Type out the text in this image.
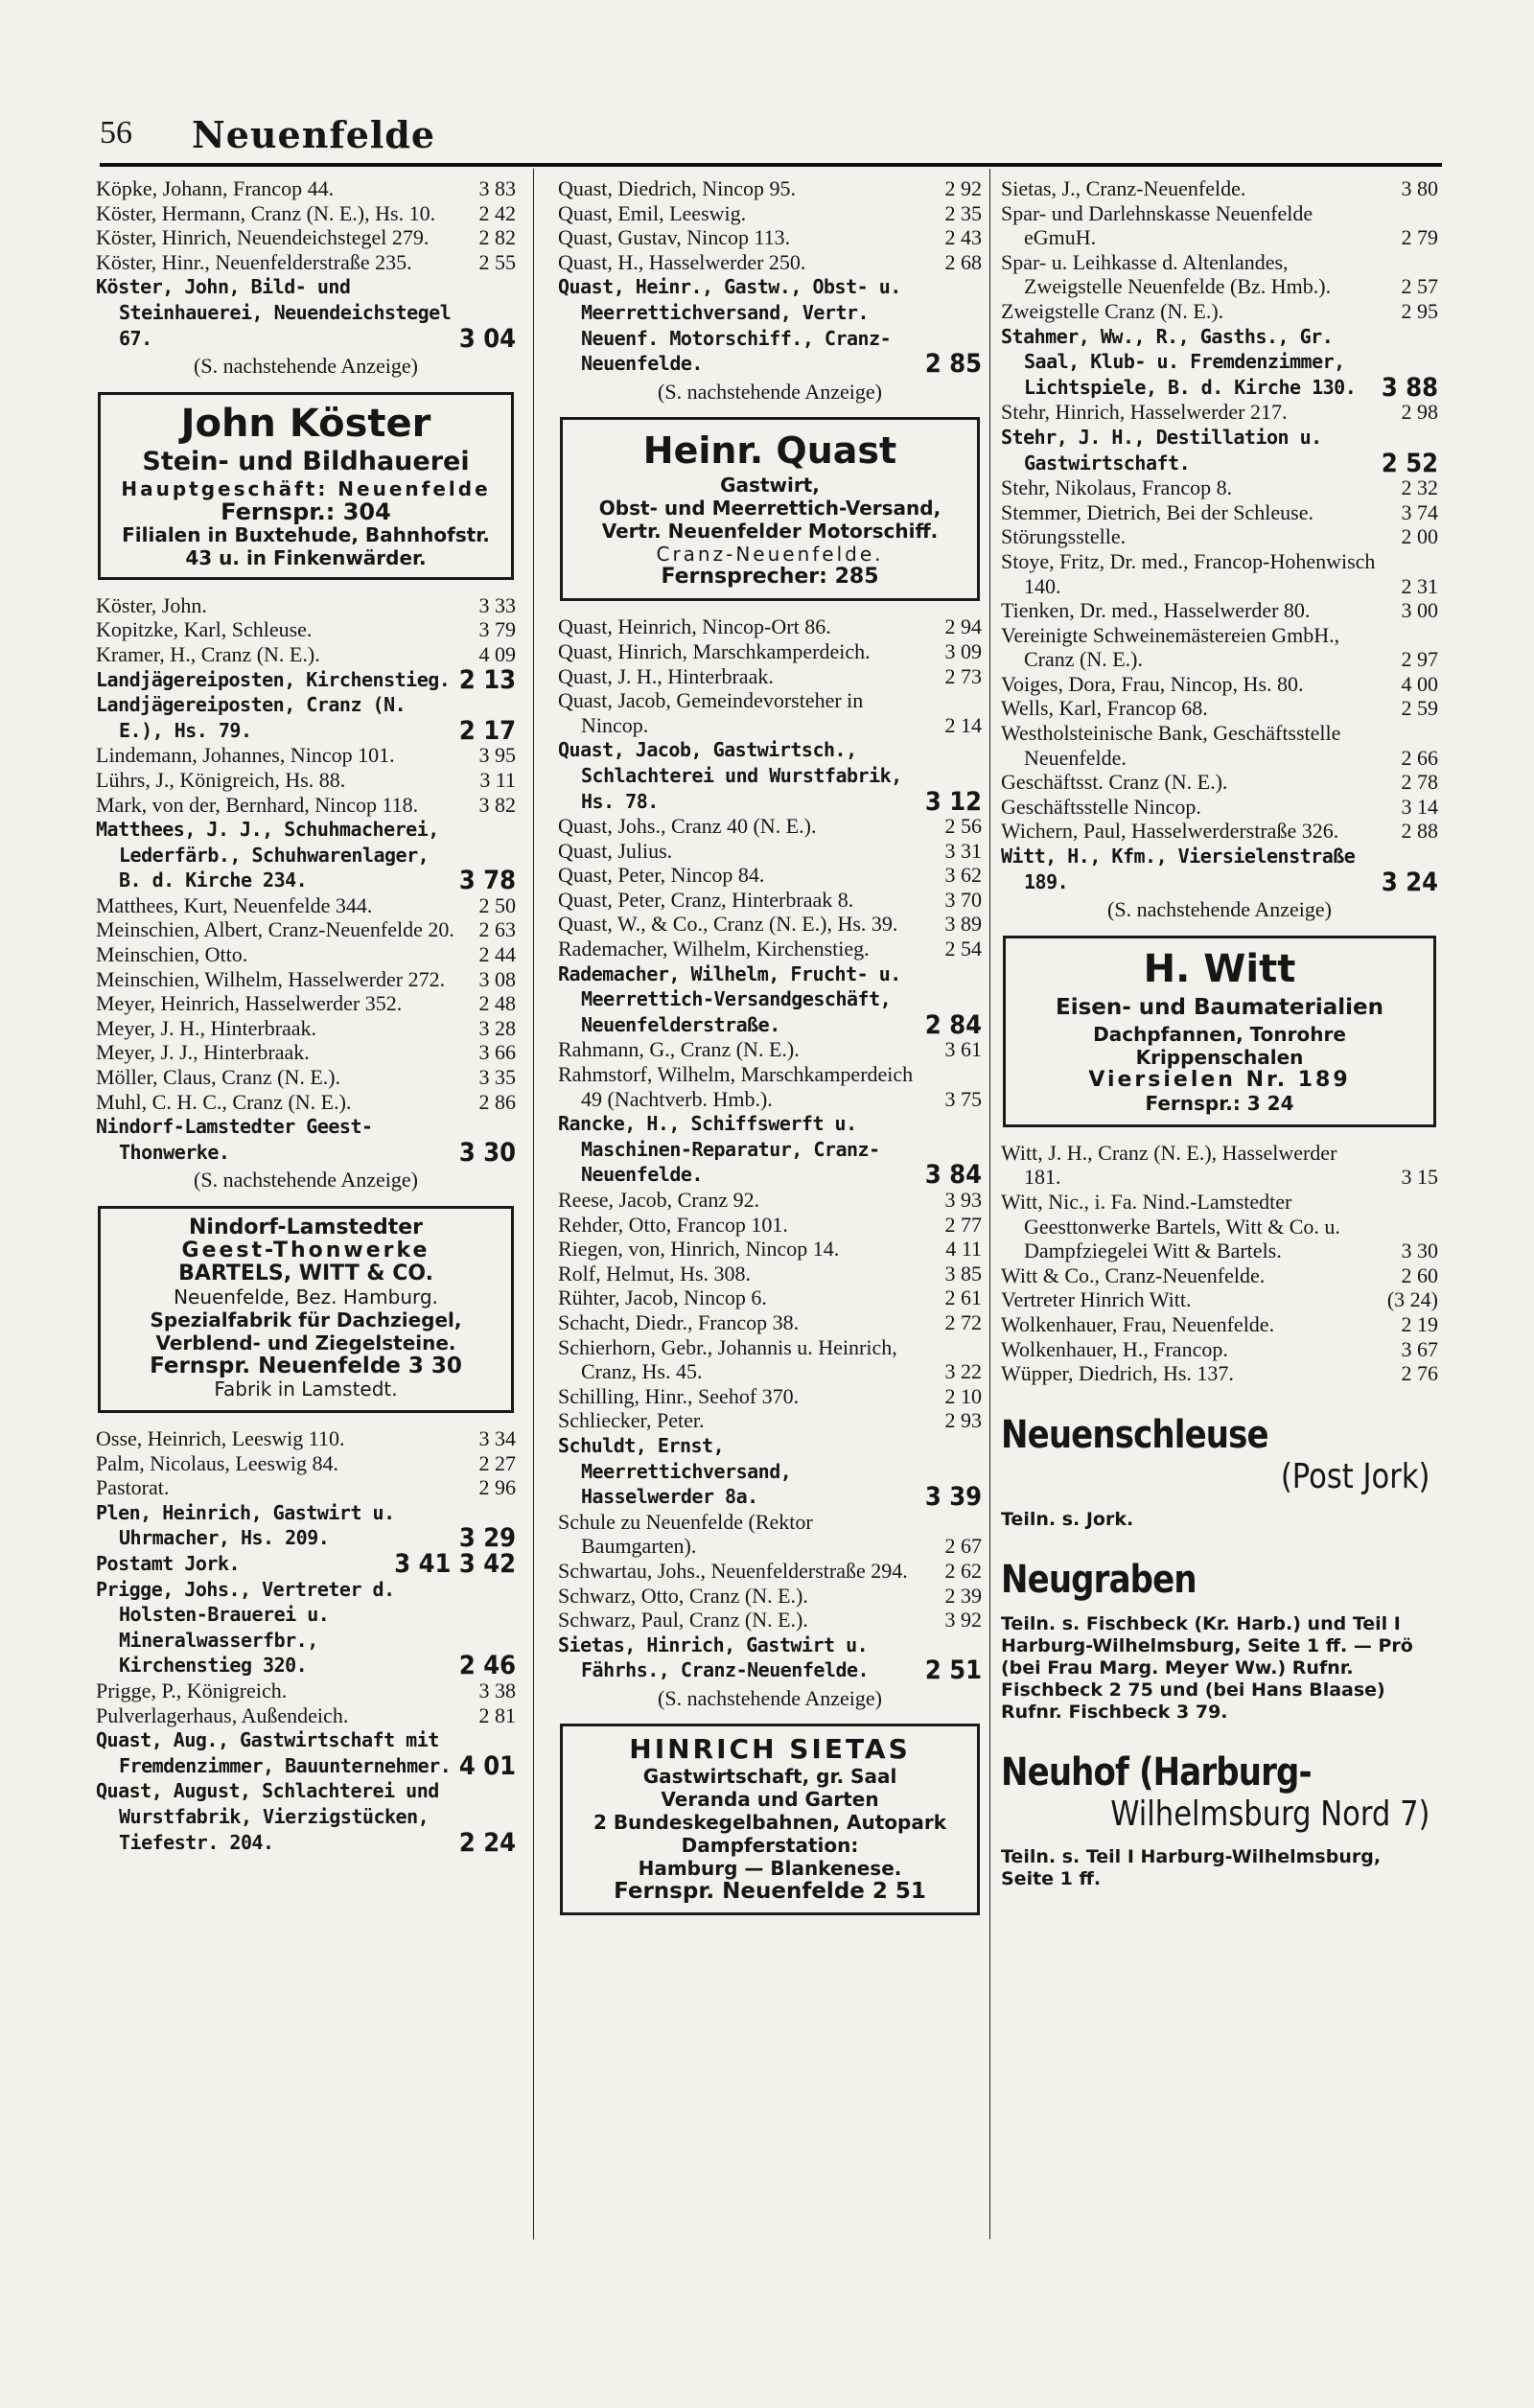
56 Neuenfelde
Köpke, Johann, Francop 44.	3 83
Köster, Hermann, Cranz (N. E.), Hs. 10. 2 42
Köster, Hinrich, Neuendeichstegel 279. 2 82
Köster, Hinr., Neuenfelderstraße 235.	2 55
Köster, John, Bild- und Steinhauerei, Neuendeichstegel 67.	3 04
(S. nachstehende Anzeige)
John Köster
Stein- und Bildhauerei
Hauptgeschäft: Neuenfelde
Fernspr.: 304
Filialen in Buxtehude, Bahnhofstr. 43 u. in Finkenwärder.
Köster, John.	3 33
Kopitzke, Karl, Schleuse.	3 79
Kramer, H., Cranz (N. E.).	4 09
Landjägereiposten, Kirchenstieg. 2 13
Landjägereiposten, Cranz (N. E.), Hs. 79.	2 17
Lindemann, Johannes, Nincop 101.	3 95
Lührs, J., Königreich, Hs. 88.	3 11
Mark, von der, Bernhard, Nincop 118.	3 82
Matthees, J. J., Schuhmacherei, Lederfärb., Schuhwarenlager, B. d. Kirche 234.	3 78
Matthees, Kurt, Neuenfelde 344.	2 50
Meinschien, Albert, Cranz-Neuenfelde 20. 2 63
Meinschien, Otto.	2 44
Meinschien, Wilhelm, Hasselwerder 272. 3 08
Meyer, Heinrich, Hasselwerder 352.	2 48
Meyer, J. H., Hinterbraak.	3 28
Meyer, J. J., Hinterbraak.	3 66
Möller, Claus, Cranz (N. E.).	3 35
Muhl, C. H. C., Cranz (N. E.).	2 86
Nindorf-Lamstedter Geest-Thonwerke.	3 30
(S. nachstehende Anzeige)
Nindorf-Lamstedter
Geest-Thonwerke
BARTELS, WITT & CO.
Neuenfelde, Bez. Hamburg.
Spezialfabrik für Dachziegel, Verblend- und Ziegelsteine.
Fernspr. Neuenfelde 3 30
Fabrik in Lamstedt.
Osse, Heinrich, Leeswig 110.	3 34
Palm, Nicolaus, Leeswig 84.	2 27
Pastorat.	2 96
Plen, Heinrich, Gastwirt u. Uhrmacher, Hs. 209.	3 29
Postamt Jork.	3 41 3 42
Prigge, Johs., Vertreter d. Holsten-Brauerei u. Mineralwasserfbr., Kirchenstieg 320.	2 46
Prigge, P., Königreich.	3 38
Pulverlagerhaus, Außendeich.	2 81
Quast, Aug., Gastwirtschaft mit Fremdenzimmer, Bauunternehmer. 4 01
Quast, August, Schlachterei und Wurstfabrik, Vierzigstücken, Tiefestr. 204.	2 24
Quast, Diedrich, Nincop 95.	2 92
Quast, Emil, Leeswig.	2 35
Quast, Gustav, Nincop 113.	2 43
Quast, H., Hasselwerder 250.	2 68
Quast, Heinr., Gastw., Obst- u. Meerrettichversand, Vertr. Neuenf. Motorschiff., Cranz-Neuenfelde.	2 85
(S. nachstehende Anzeige)
Heinr. Quast
Gastwirt,
Obst- und Meerrettich-Versand,
Vertr. Neuenfelder Motorschiff.
Cranz-Neuenfelde.
Fernsprecher: 285
Quast, Heinrich, Nincop-Ort 86.	2 94
Quast, Hinrich, Marschkamperdeich.	3 09
Quast, J. H., Hinterbraak.	2 73
Quast, Jacob, Gemeindevorsteher in Nincop.	2 14
Quast, Jacob, Gastwirtsch., Schlachterei und Wurstfabrik, Hs. 78.	3 12
Quast, Johs., Cranz 40 (N. E.).	2 56
Quast, Julius.	3 31
Quast, Peter, Nincop 84.	3 62
Quast, Peter, Cranz, Hinterbraak 8.	3 70
Quast, W., & Co., Cranz (N. E.), Hs. 39. 3 89
Rademacher, Wilhelm, Kirchenstieg.	2 54
Rademacher, Wilhelm, Frucht- u. Meerrettich-Versandgeschäft, Neuenfelderstraße.	2 84
Rahmann, G., Cranz (N. E.).	3 61
Rahmstorf, Wilhelm, Marschkamperdeich 49 (Nachtverb. Hmb.).	3 75
Rancke, H., Schiffswerft u. Maschinen-Reparatur, Cranz-Neuenfelde.	3 84
Reese, Jacob, Cranz 92.	3 93
Rehder, Otto, Francop 101.	2 77
Riegen, von, Hinrich, Nincop 14.	4 11
Rolf, Helmut, Hs. 308.	3 85
Rühter, Jacob, Nincop 6.	2 61
Schacht, Diedr., Francop 38.	2 72
Schierhorn, Gebr., Johannis u. Heinrich, Cranz, Hs. 45.	3 22
Schilling, Hinr., Seehof 370.	2 10
Schliecker, Peter.	2 93
Schuldt, Ernst, Meerrettichversand, Hasselwerder 8a.	3 39
Schule zu Neuenfelde (Rektor Baumgarten).	2 67
Schwartau, Johs., Neuenfelderstraße 294. 2 62
Schwarz, Otto, Cranz (N. E.).	2 39
Schwarz, Paul, Cranz (N. E.).	3 92
Sietas, Hinrich, Gastwirt u. Fährhs., Cranz-Neuenfelde. 2 51
(S. nachstehende Anzeige)
HINRICH SIETAS
Gastwirtschaft, gr. Saal
Veranda und Garten
2 Bundeskegelbahnen, Autopark
Dampferstation:
Hamburg — Blankenese.
Fernspr. Neuenfelde 2 51
Sietas, J., Cranz-Neuenfelde.	3 80
Spar- und Darlehnskasse Neuenfelde eGmuH.	2 79
Spar- u. Leihkasse d. Altenlandes, Zweigstelle Neuenfelde (Bz. Hmb.).	2 57
Zweigstelle Cranz (N. E.).	2 95
Stahmer, Ww., R., Gasths., Gr. Saal, Klub- u. Fremdenzimmer, Lichtspiele, B. d. Kirche 130. 3 88
Stehr, Hinrich, Hasselwerder 217.	2 98
Stehr, J. H., Destillation u. Gastwirtschaft.	2 52
Stehr, Nikolaus, Francop 8.	2 32
Stemmer, Dietrich, Bei der Schleuse.	3 74
Störungsstelle.	2 00
Stoye, Fritz, Dr. med., Francop-Hohenwisch 140.	2 31
Tienken, Dr. med., Hasselwerder 80.	3 00
Vereinigte Schweinemästereien GmbH., Cranz (N. E.).	2 97
Voiges, Dora, Frau, Nincop, Hs. 80.	4 00
Wells, Karl, Francop 68.	2 59
Westholsteinische Bank, Geschäftsstelle Neuenfelde.	2 66
Geschäftsst. Cranz (N. E.).	2 78
Geschäftsstelle Nincop.	3 14
Wichern, Paul, Hasselwerderstraße 326.	2 88
Witt, H., Kfm., Viersielenstraße 189.	3 24
(S. nachstehende Anzeige)
H. Witt
Eisen- und Baumaterialien
Dachpfannen, Tonrohre
Krippenschalen
Viersielen Nr. 189
Fernspr.: 3 24
Witt, J. H., Cranz (N. E.), Hasselwerder 181.	3 15
Witt, Nic., i. Fa. Nind.-Lamstedter Geesttonwerke Bartels, Witt & Co. u. Dampfziegelei Witt & Bartels.	3 30
Witt & Co., Cranz-Neuenfelde.	2 60
Vertreter Hinrich Witt.	(3 24)
Wolkenhauer, Frau, Neuenfelde.	2 19
Wolkenhauer, H., Francop.	3 67
Wüpper, Diedrich, Hs. 137.	2 76
Neuenschleuse
(Post Jork)
Teiln. s. Jork.
Neugraben
Teiln. s. Fischbeck (Kr. Harb.) und Teil I Harburg-Wilhelmsburg, Seite 1 ff. — Prö (bei Frau Marg. Meyer Ww.) Rufnr. Fischbeck 2 75 und (bei Hans Blaase) Rufnr. Fischbeck 3 79.
Neuhof (Harburg-
Wilhelmsburg Nord 7)
Teiln. s. Teil I Harburg-Wilhelmsburg, Seite 1 ff.
